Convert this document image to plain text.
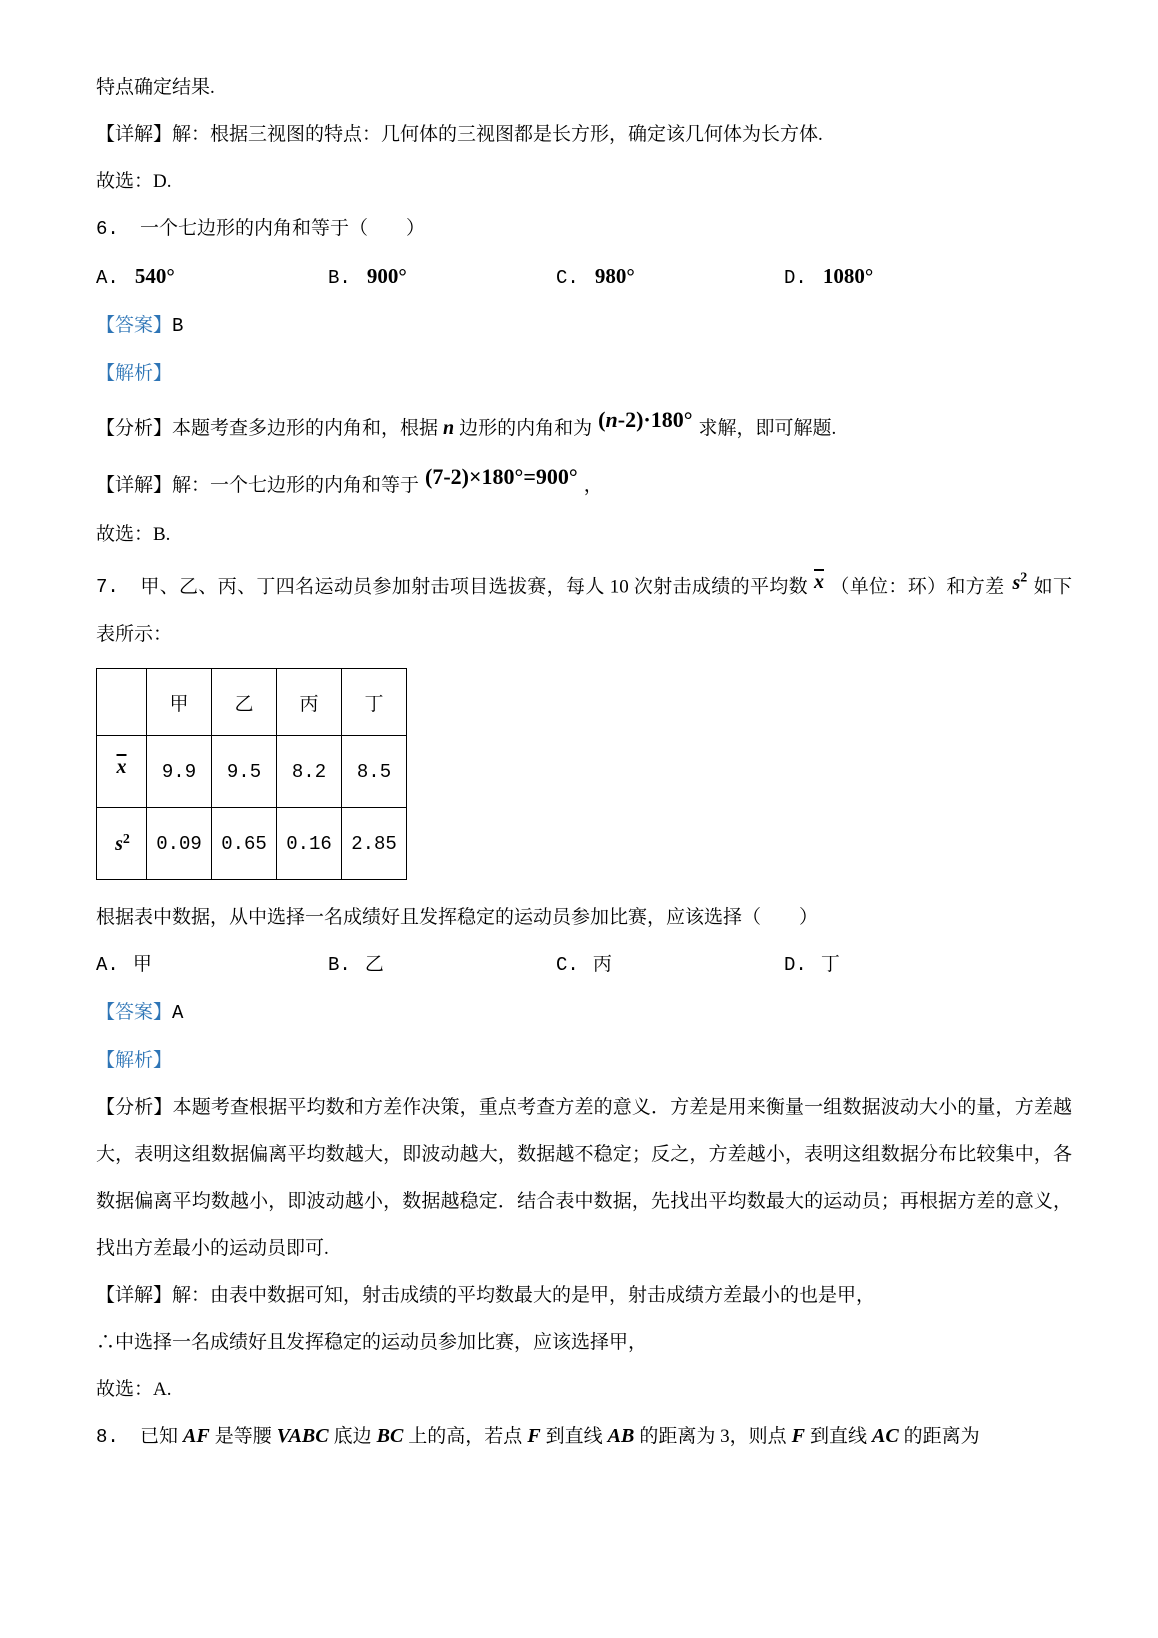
特点确定结果.

【详解】解：根据三视图的特点：几何体的三视图都是长方形，确定该几何体为长方体.

故选：D.

6. 一个七边形的内角和等于（　　）

A. 540°	B. 900°	C. 980°	D. 1080°

【答案】B

【解析】

【分析】本题考查多边形的内角和，根据 n 边形的内角和为 (n-2)·180° 求解，即可解题.

【详解】解：一个七边形的内角和等于 (7-2)×180°=900° ，

故选：B.

7. 甲、乙、丙、丁四名运动员参加射击项目选拔赛，每人 10 次射击成绩的平均数 $\overline{x}$ （单位：环）和方差 $s^2$ 如下表所示：

	甲	乙	丙	丁
$\overline{x}$	9.9	9.5	8.2	8.5
$s^2$	0.09	0.65	0.16	2.85

根据表中数据，从中选择一名成绩好且发挥稳定的运动员参加比赛，应该选择（　　）

A. 甲	B. 乙	C. 丙	D. 丁

【答案】A

【解析】

【分析】本题考查根据平均数和方差作决策，重点考查方差的意义．方差是用来衡量一组数据波动大小的量，方差越大，表明这组数据偏离平均数越大，即波动越大，数据越不稳定；反之，方差越小，表明这组数据分布比较集中，各数据偏离平均数越小，即波动越小，数据越稳定．结合表中数据，先找出平均数最大的运动员；再根据方差的意义，找出方差最小的运动员即可.

【详解】解：由表中数据可知，射击成绩的平均数最大的是甲，射击成绩方差最小的也是甲，

∴中选择一名成绩好且发挥稳定的运动员参加比赛，应该选择甲，

故选：A.

8. 已知 AF 是等腰 VABC 底边 BC 上的高，若点 F 到直线 AB 的距离为 3，则点 F 到直线 AC 的距离为
